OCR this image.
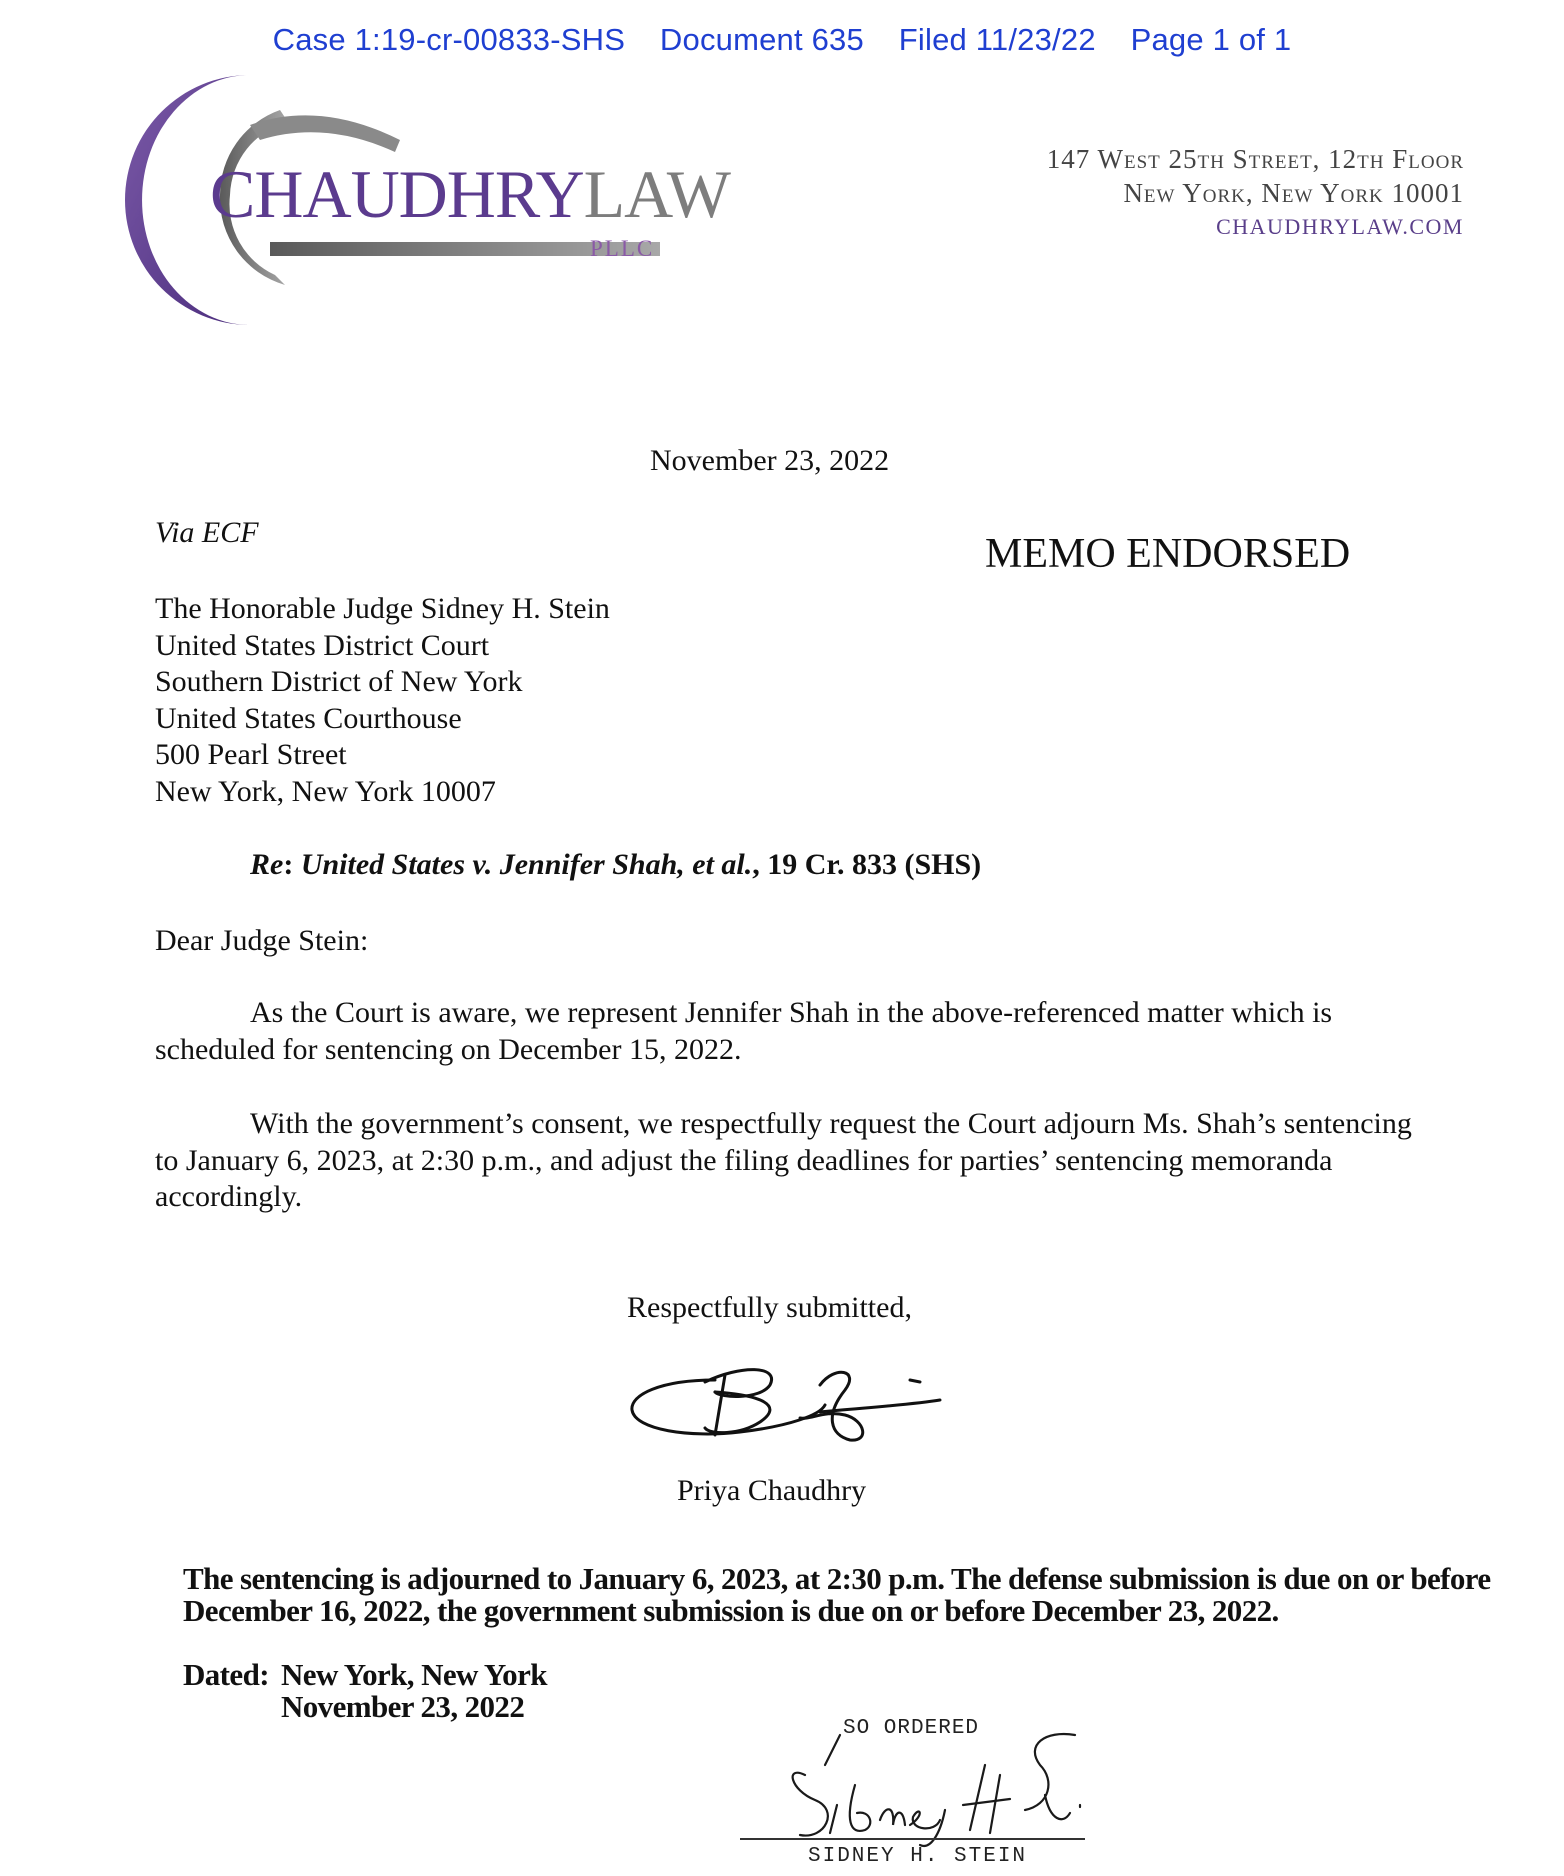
Case 1:19-cr-00833-SHS Document 635 Filed 11/23/22 Page 1 of 1
CHAUDHRYLAW
PLLC
147 West 25th Street, 12th Floor
New York, New York 10001
CHAUDHRYLAW.COM
November 23, 2022
Via ECF	MEMO ENDORSED
The Honorable Judge Sidney H. Stein
United States District Court
Southern District of New York
United States Courthouse
500 Pearl Street
New York, New York 10007
Re: United States v. Jennifer Shah, et al., 19 Cr. 833 (SHS)
Dear Judge Stein:
As the Court is aware, we represent Jennifer Shah in the above-referenced matter which is scheduled for sentencing on December 15, 2022.
With the government’s consent, we respectfully request the Court adjourn Ms. Shah’s sentencing to January 6, 2023, at 2:30 p.m., and adjust the filing deadlines for parties’ sentencing memoranda accordingly.
Respectfully submitted,
Priya Chaudhry
The sentencing is adjourned to January 6, 2023, at 2:30 p.m. The defense submission is due on or before December 16, 2022, the government submission is due on or before December 23, 2022.
Dated: New York, New York
November 23, 2022
SO ORDERED
SIDNEY H. STEIN
